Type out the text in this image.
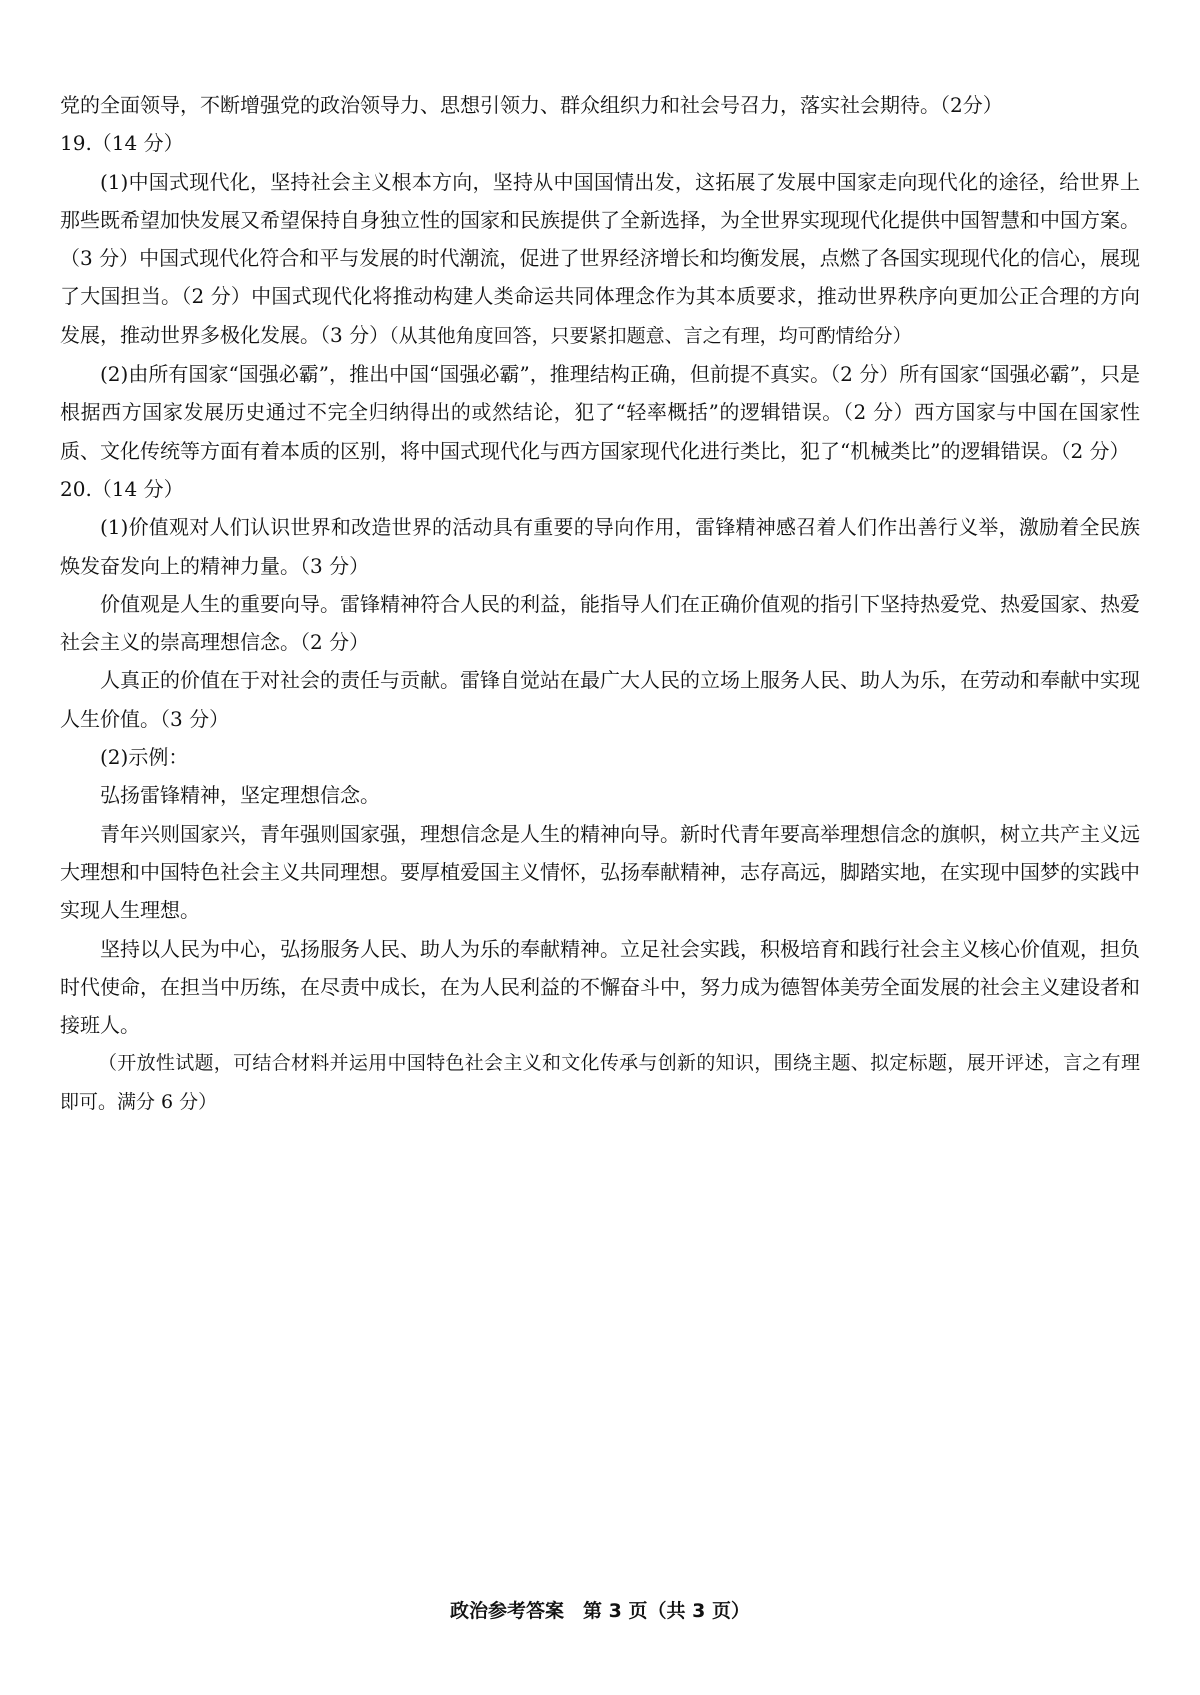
党的全面领导，不断增强党的政治领导力、思想引领力、群众组织力和社会号召力，落实社会期待。（2分）

19.（14 分）

(1)中国式现代化，坚持社会主义根本方向，坚持从中国国情出发，这拓展了发展中国家走向现代化的途径，给世界上那些既希望加快发展又希望保持自身独立性的国家和民族提供了全新选择，为全世界实现现代化提供中国智慧和中国方案。（3 分）中国式现代化符合和平与发展的时代潮流，促进了世界经济增长和均衡发展，点燃了各国实现现代化的信心，展现了大国担当。（2 分）中国式现代化将推动构建人类命运共同体理念作为其本质要求，推动世界秩序向更加公正合理的方向发展，推动世界多极化发展。（3 分）（从其他角度回答，只要紧扣题意、言之有理，均可酌情给分）

(2)由所有国家“国强必霸”，推出中国“国强必霸”，推理结构正确，但前提不真实。（2 分）所有国家“国强必霸”，只是根据西方国家发展历史通过不完全归纳得出的或然结论，犯了“轻率概括”的逻辑错误。（2 分）西方国家与中国在国家性质、文化传统等方面有着本质的区别，将中国式现代化与西方国家现代化进行类比，犯了“机械类比”的逻辑错误。（2 分）

20.（14 分）

(1)价值观对人们认识世界和改造世界的活动具有重要的导向作用，雷锋精神感召着人们作出善行义举，激励着全民族焕发奋发向上的精神力量。（3 分）

价值观是人生的重要向导。雷锋精神符合人民的利益，能指导人们在正确价值观的指引下坚持热爱党、热爱国家、热爱社会主义的崇高理想信念。（2 分）

人真正的价值在于对社会的责任与贡献。雷锋自觉站在最广大人民的立场上服务人民、助人为乐，在劳动和奉献中实现人生价值。（3 分）

(2)示例：

弘扬雷锋精神，坚定理想信念。

青年兴则国家兴，青年强则国家强，理想信念是人生的精神向导。新时代青年要高举理想信念的旗帜，树立共产主义远大理想和中国特色社会主义共同理想。要厚植爱国主义情怀，弘扬奉献精神，志存高远，脚踏实地，在实现中国梦的实践中实现人生理想。

坚持以人民为中心，弘扬服务人民、助人为乐的奉献精神。立足社会实践，积极培育和践行社会主义核心价值观，担负时代使命，在担当中历练，在尽责中成长，在为人民利益的不懈奋斗中，努力成为德智体美劳全面发展的社会主义建设者和接班人。

（开放性试题，可结合材料并运用中国特色社会主义和文化传承与创新的知识，围绕主题、拟定标题，展开评述，言之有理即可。满分 6 分）

政治参考答案　第 3 页（共 3 页）
